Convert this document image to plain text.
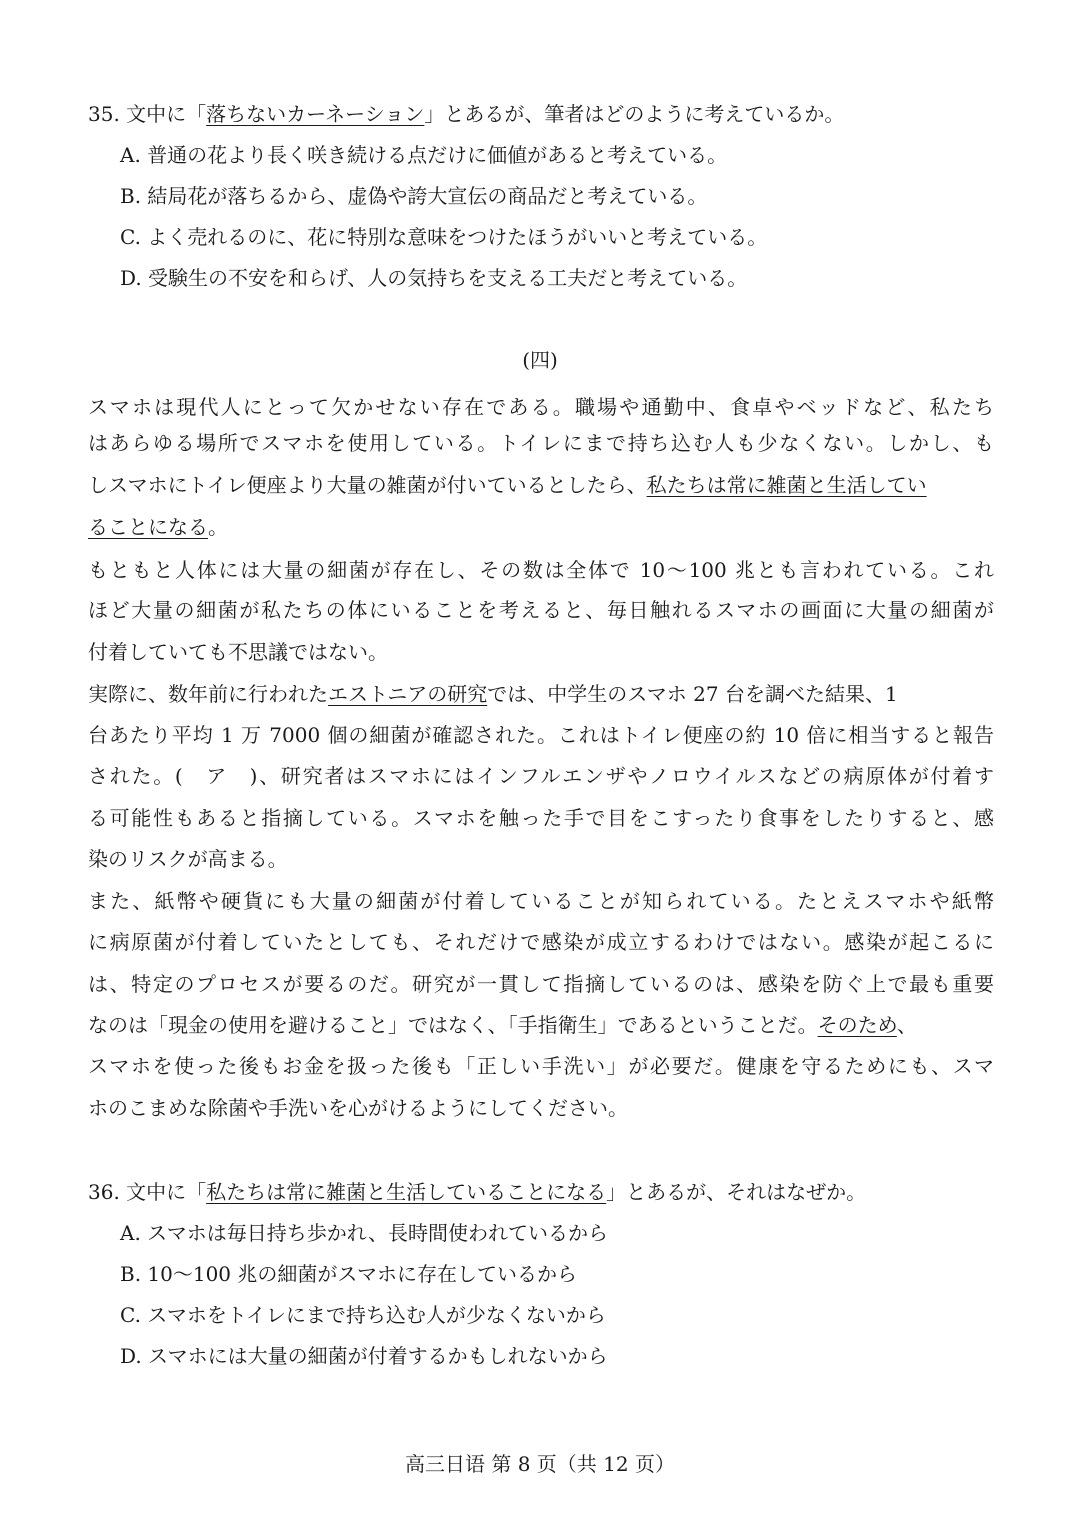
35. 文中に「落ちないカーネーション」とあるが、筆者はどのように考えているか。
A. 普通の花より長く咲き続ける点だけに価値があると考えている。
B. 結局花が落ちるから、虚偽や誇大宣伝の商品だと考えている。
C. よく売れるのに、花に特別な意味をつけたほうがいいと考えている。
D. 受験生の不安を和らげ、人の気持ちを支える工夫だと考えている。
(四)
スマホは現代人にとって欠かせない存在である。職場や通勤中、食卓やベッドなど、私たち
はあらゆる場所でスマホを使用している。トイレにまで持ち込む人も少なくない。しかし、も
しスマホにトイレ便座より大量の雑菌が付いているとしたら、私たちは常に雑菌と生活してい
ることになる。
もともと人体には大量の細菌が存在し、その数は全体で 10～100 兆とも言われている。これ
ほど大量の細菌が私たちの体にいることを考えると、毎日触れるスマホの画面に大量の細菌が
付着していても不思議ではない。
実際に、数年前に行われたエストニアの研究では、中学生のスマホ 27 台を調べた結果、1
台あたり平均 1 万 7000 個の細菌が確認された。これはトイレ便座の約 10 倍に相当すると報告
された。(　ア　)、研究者はスマホにはインフルエンザやノロウイルスなどの病原体が付着す
る可能性もあると指摘している。スマホを触った手で目をこすったり食事をしたりすると、感
染のリスクが高まる。
また、紙幣や硬貨にも大量の細菌が付着していることが知られている。たとえスマホや紙幣
に病原菌が付着していたとしても、それだけで感染が成立するわけではない。感染が起こるに
は、特定のプロセスが要るのだ。研究が一貫して指摘しているのは、感染を防ぐ上で最も重要
なのは「現金の使用を避けること」ではなく、「手指衛生」であるということだ。そのため、
スマホを使った後もお金を扱った後も「正しい手洗い」が必要だ。健康を守るためにも、スマ
ホのこまめな除菌や手洗いを心がけるようにしてください。
36. 文中に「私たちは常に雑菌と生活していることになる」とあるが、それはなぜか。
A. スマホは毎日持ち歩かれ、長時間使われているから
B. 10～100 兆の細菌がスマホに存在しているから
C. スマホをトイレにまで持ち込む人が少なくないから
D. スマホには大量の細菌が付着するかもしれないから
高三日语 第 8 页（共 12 页）
